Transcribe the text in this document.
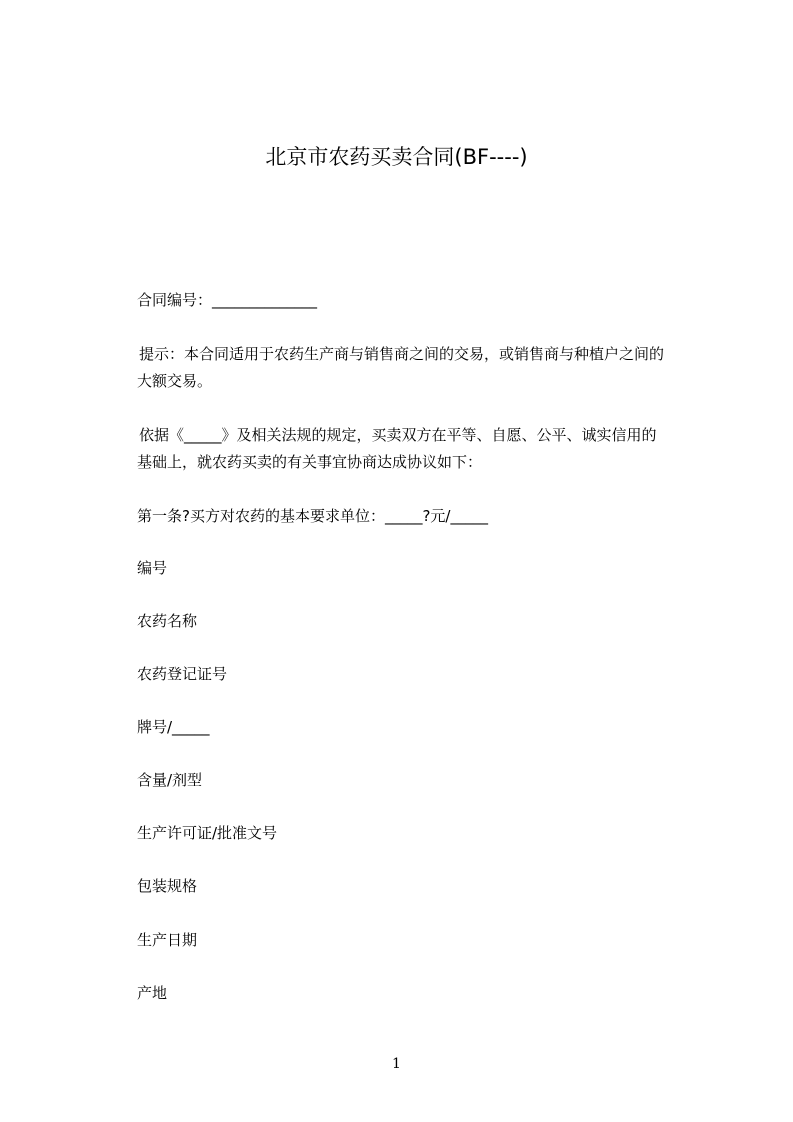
北京市农药买卖合同(BF----)
合同编号：______________
提示：本合同适用于农药生产商与销售商之间的交易，或销售商与种植户之间的
大额交易。
依据《_____》及相关法规的规定，买卖双方在平等、自愿、公平、诚实信用的
基础上，就农药买卖的有关事宜协商达成协议如下：
第一条?买方对农药的基本要求单位：_____?元/_____
编号
农药名称
农药登记证号
牌号/_____
含量/剂型
生产许可证/批准文号
包装规格
生产日期
产地
1
